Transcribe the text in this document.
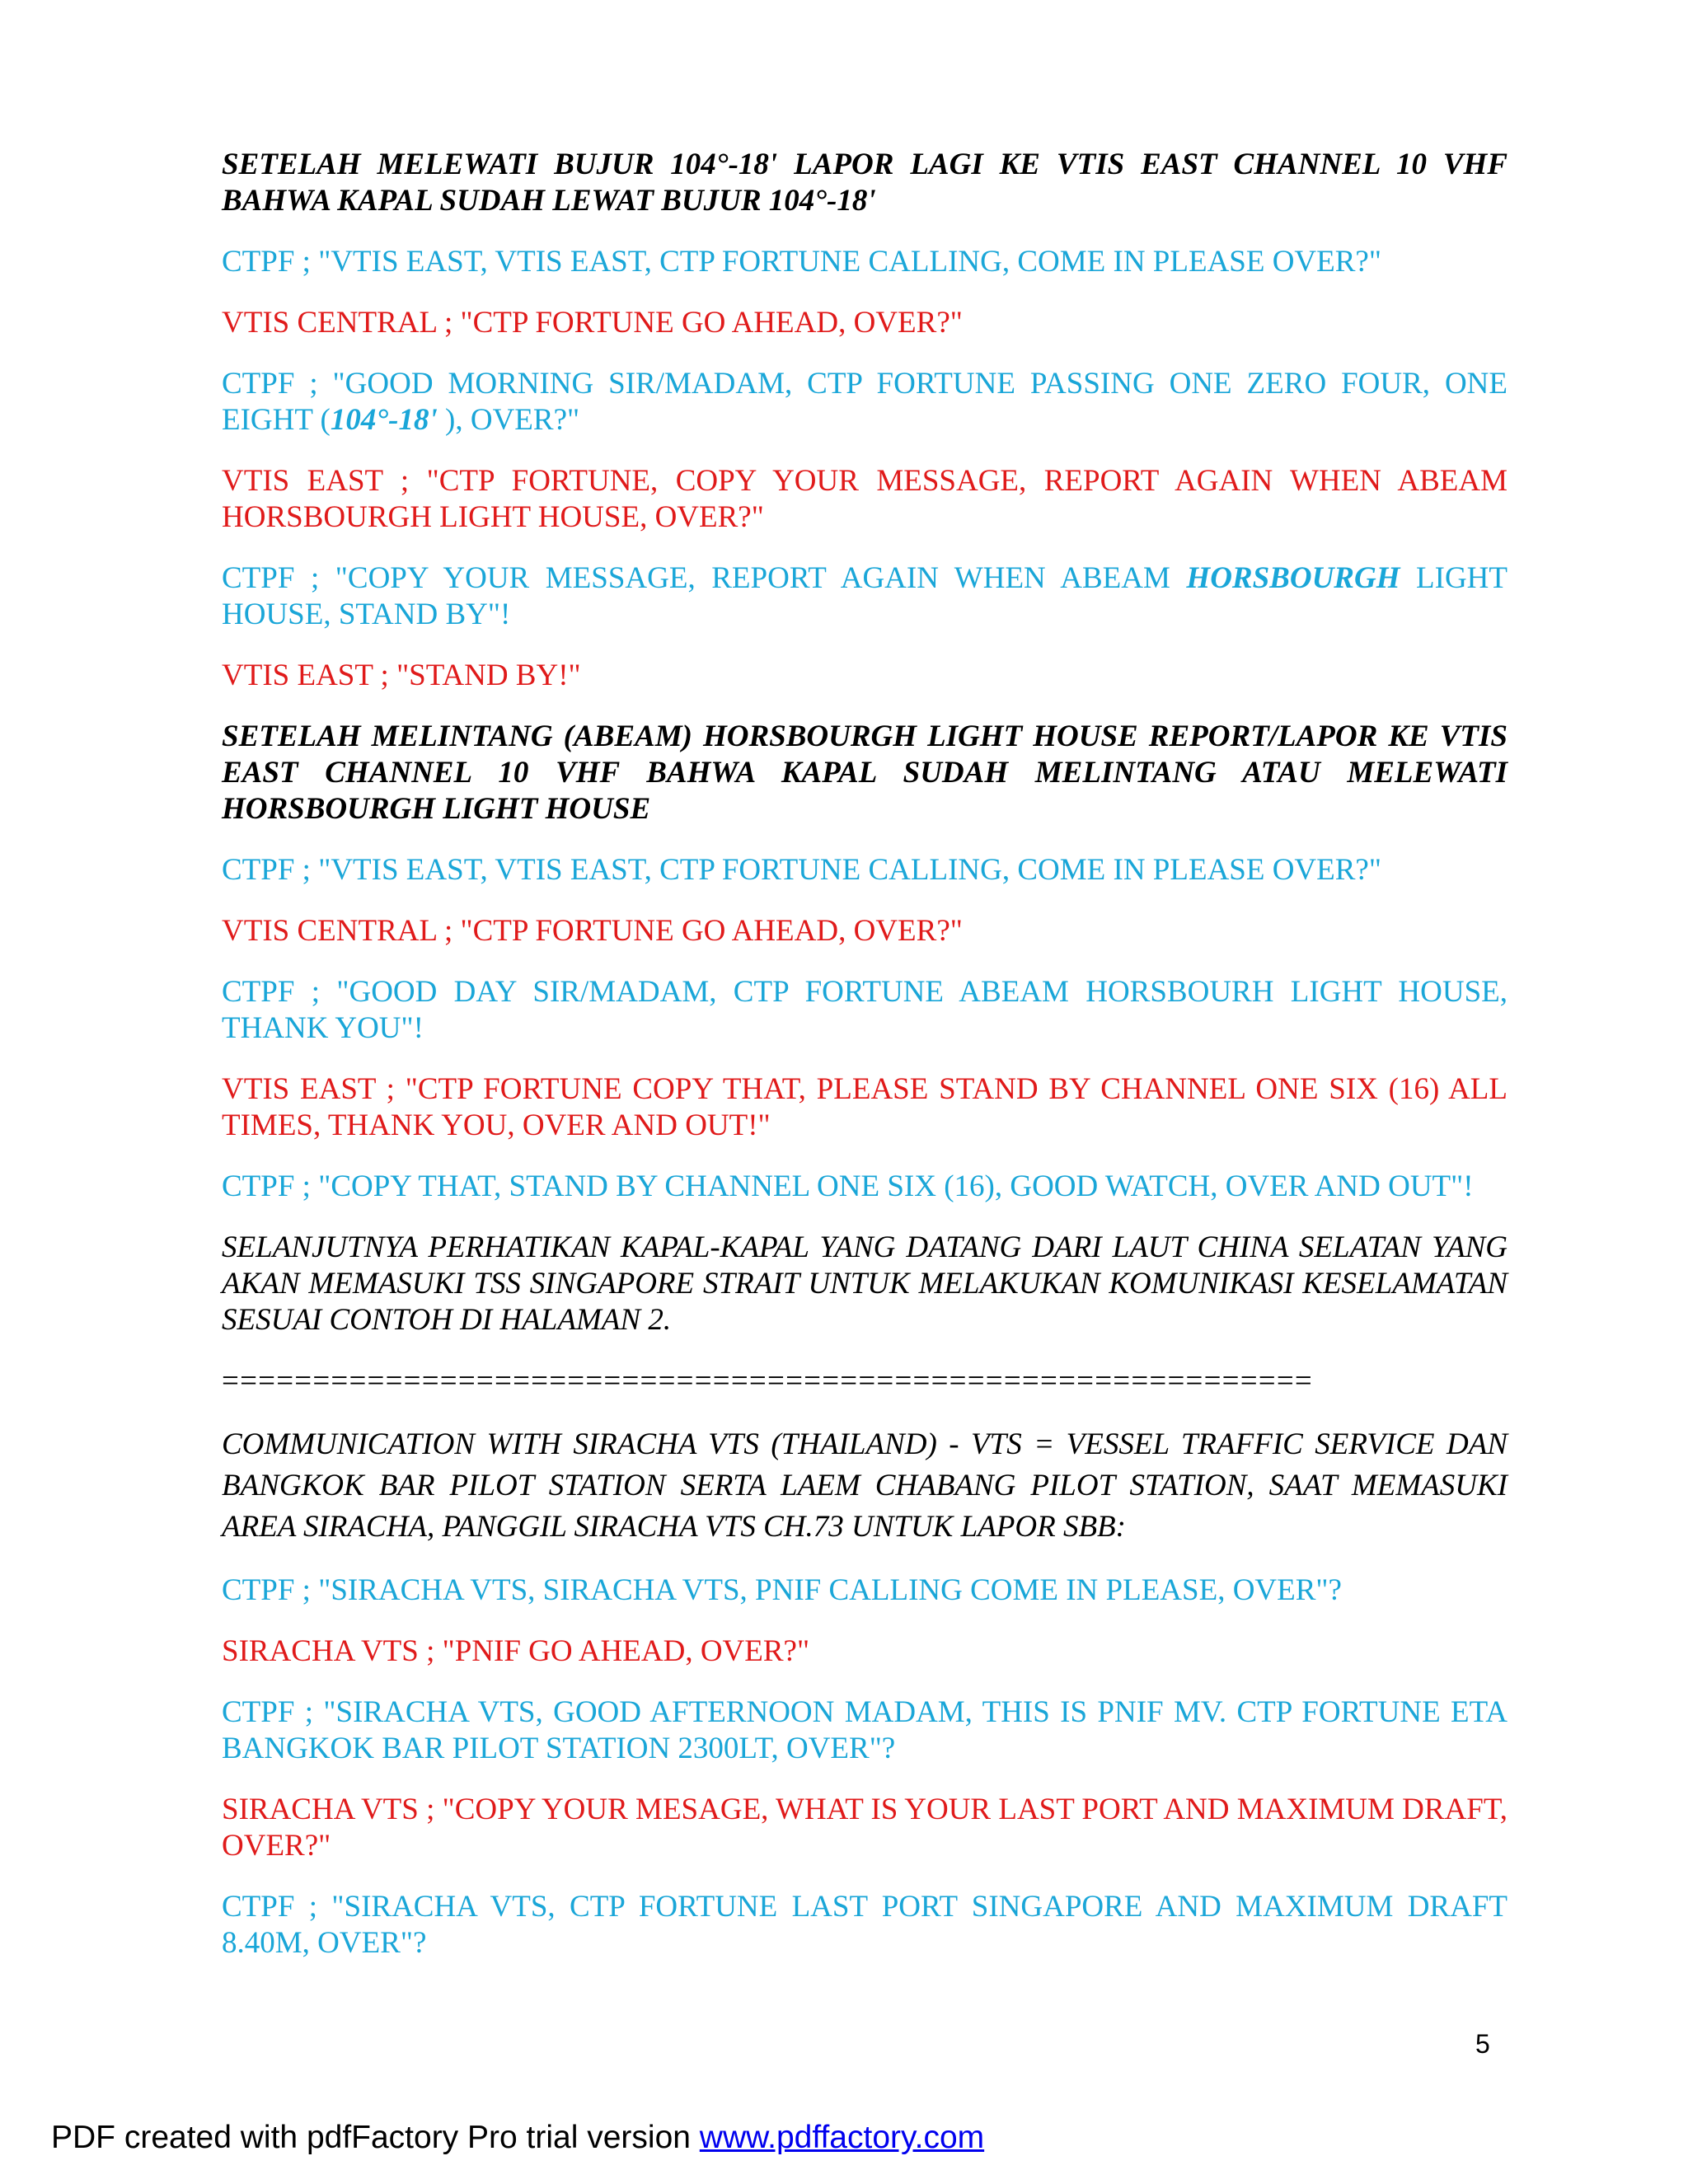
SETELAH MELEWATI BUJUR 104°-18' LAPOR LAGI KE VTIS EAST CHANNEL 10 VHF BAHWA KAPAL SUDAH LEWAT BUJUR 104°-18'

CTPF ; "VTIS EAST, VTIS EAST, CTP FORTUNE CALLING, COME IN PLEASE OVER?"

VTIS CENTRAL ; "CTP FORTUNE GO AHEAD, OVER?"

CTPF ; "GOOD MORNING SIR/MADAM, CTP FORTUNE PASSING ONE ZERO FOUR, ONE EIGHT (104°-18' ), OVER?"

VTIS EAST ; "CTP FORTUNE, COPY YOUR MESSAGE, REPORT AGAIN WHEN ABEAM HORSBOURGH LIGHT HOUSE, OVER?"

CTPF ; "COPY YOUR MESSAGE, REPORT AGAIN WHEN ABEAM HORSBOURGH LIGHT HOUSE, STAND BY"!

VTIS EAST ; "STAND BY!"

SETELAH MELINTANG (ABEAM) HORSBOURGH LIGHT HOUSE REPORT/LAPOR KE VTIS EAST CHANNEL 10 VHF BAHWA KAPAL SUDAH MELINTANG ATAU MELEWATI HORSBOURGH LIGHT HOUSE

CTPF ; "VTIS EAST, VTIS EAST, CTP FORTUNE CALLING, COME IN PLEASE OVER?"

VTIS CENTRAL ; "CTP FORTUNE GO AHEAD, OVER?"

CTPF ; "GOOD DAY SIR/MADAM, CTP FORTUNE ABEAM HORSBOURH LIGHT HOUSE, THANK YOU"!

VTIS EAST ; "CTP FORTUNE COPY THAT, PLEASE STAND BY CHANNEL ONE SIX (16) ALL TIMES, THANK YOU, OVER AND OUT!"

CTPF ; "COPY THAT, STAND BY CHANNEL ONE SIX (16), GOOD WATCH, OVER AND OUT"!

SELANJUTNYA PERHATIKAN KAPAL-KAPAL YANG DATANG DARI LAUT CHINA SELATAN YANG AKAN MEMASUKI TSS SINGAPORE STRAIT UNTUK MELAKUKAN KOMUNIKASI KESELAMATAN SESUAI CONTOH DI HALAMAN 2.

============================================================

COMMUNICATION WITH SIRACHA VTS (THAILAND) - VTS = VESSEL TRAFFIC SERVICE DAN BANGKOK BAR PILOT STATION SERTA LAEM CHABANG PILOT STATION, SAAT MEMASUKI AREA SIRACHA, PANGGIL SIRACHA VTS CH.73 UNTUK LAPOR SBB:

CTPF ; "SIRACHA VTS, SIRACHA VTS, PNIF CALLING COME IN PLEASE, OVER"?

SIRACHA VTS ; "PNIF GO AHEAD, OVER?"

CTPF ; "SIRACHA VTS, GOOD AFTERNOON MADAM, THIS IS PNIF MV. CTP FORTUNE ETA BANGKOK BAR PILOT STATION 2300LT, OVER"?

SIRACHA VTS ; "COPY YOUR MESAGE, WHAT IS YOUR LAST PORT AND MAXIMUM DRAFT, OVER?"

CTPF ; "SIRACHA VTS, CTP FORTUNE LAST PORT SINGAPORE AND MAXIMUM DRAFT 8.40M, OVER"?

5
PDF created with pdfFactory Pro trial version www.pdffactory.com
